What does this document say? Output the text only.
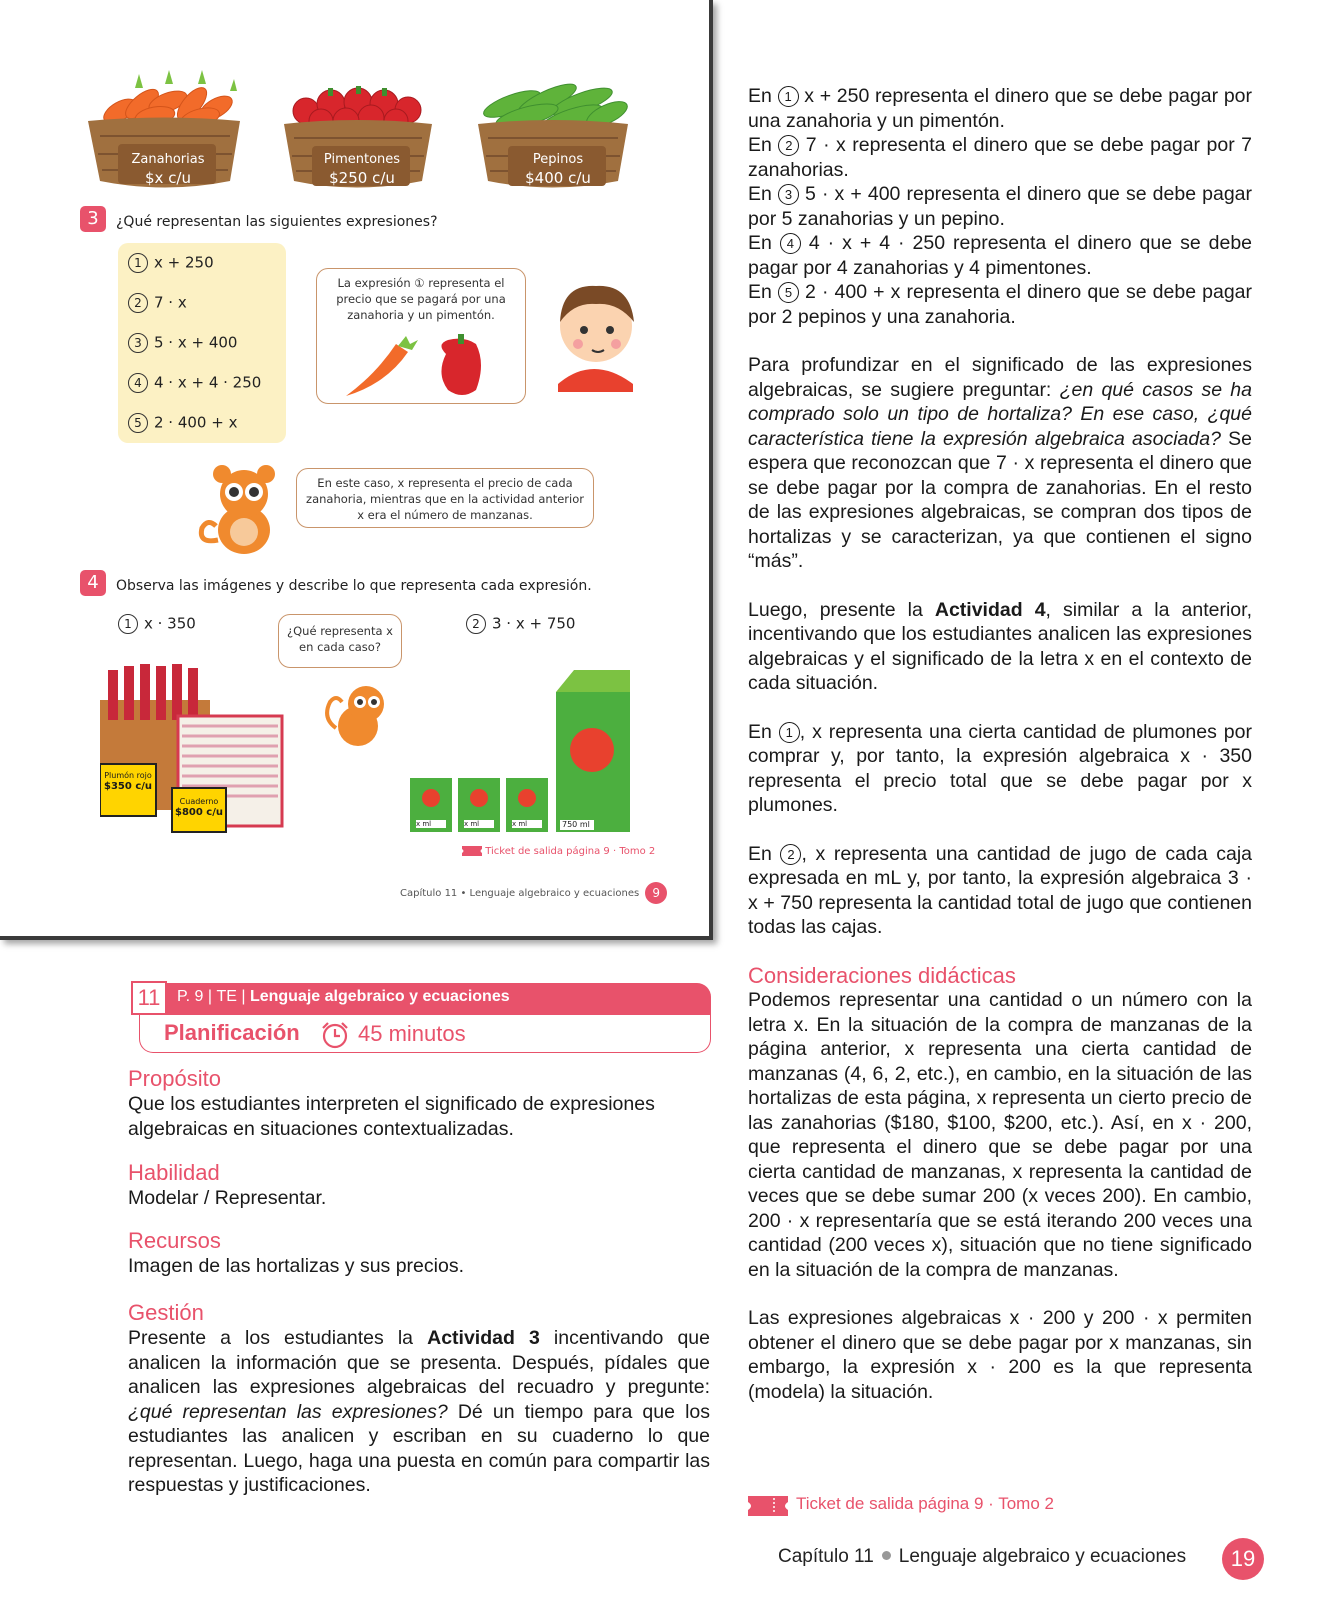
Zanahorias
$x c/u
Pimentones
$250 c/u
Pepinos
$400 c/u
3	¿Qué representan las siguientes expresiones?
1 x + 250
2 7 · x
3 5 · x + 400
4 4 · x + 4 · 250
5 2 · 400 + x
La expresión ① representa el precio que se pagará por una zanahoria y un pimentón.
En este caso, x representa el precio de cada zanahoria, mientras que en la actividad anterior x era el número de manzanas.
4	Observa las imágenes y describe lo que representa cada expresión.
1 x · 350	2 3 · x + 750
¿Qué representa x en cada caso?
Plumón rojo
$350 c/u
Cuaderno
$800 c/u
x ml	x ml	x ml	750 ml
Ticket de salida página 9 · Tomo 2
Capítulo 11 • Lenguaje algebraico y ecuaciones 9
11	P. 9 | TE | Lenguaje algebraico y ecuaciones
Planificación	45 minutos
Propósito
Que los estudiantes interpreten el significado de expresiones algebraicas en situaciones contextualizadas.
Habilidad
Modelar / Representar.
Recursos
Imagen de las hortalizas y sus precios.
Gestión
Presente a los estudiantes la Actividad 3 incentivando que analicen la información que se presenta. Después, pídales que analicen las expresiones algebraicas del recuadro y pregunte: ¿qué representan las expresiones? Dé un tiempo para que los estudiantes las analicen y escriban en su cuaderno lo que representan. Luego, haga una puesta en común para compartir las respuestas y justificaciones.

En 1 x + 250 representa el dinero que se debe pagar por una zanahoria y un pimentón.

En 2 7 · x representa el dinero que se debe pagar por 7 zanahorias.

En 3 5 · x + 400 representa el dinero que se debe pagar por 5 zanahorias y un pepino.

En 4 4 · x + 4 · 250 representa el dinero que se debe pagar por 4 zanahorias y 4 pimentones.

En 5 2 · 400 + x representa el dinero que se debe pagar por 2 pepinos y una zanahoria.

Para profundizar en el significado de las expresiones algebraicas, se sugiere preguntar: ¿en qué casos se ha comprado solo un tipo de hortaliza? En ese caso, ¿qué característica tiene la expresión algebraica asociada? Se espera que reconozcan que 7 · x representa el dinero que se debe pagar por la compra de zanahorias. En el resto de las expresiones algebraicas, se compran dos tipos de hortalizas y se caracterizan, ya que contienen el signo “más”.

Luego, presente la Actividad 4, similar a la anterior, incentivando que los estudiantes analicen las expresiones algebraicas y el significado de la letra x en el contexto de cada situación.

En 1 , x representa una cierta cantidad de plumones por comprar y, por tanto, la expresión algebraica x · 350 representa el precio total que se debe pagar por x plumones.

En 2 , x representa una cantidad de jugo de cada caja expresada en mL y, por tanto, la expresión algebraica 3 · x + 750 representa la cantidad total de jugo que contienen todas las cajas.

Consideraciones didácticas

Podemos representar una cantidad o un número con la letra x. En la situación de la compra de manzanas de la página anterior, x representa una cierta cantidad de manzanas (4, 6, 2, etc.), en cambio, en la situación de las hortalizas de esta página, x representa un cierto precio de las zanahorias ($180, $100, $200, etc.). Así, en x · 200, que representa el dinero que se debe pagar por una cierta cantidad de manzanas, x representa la cantidad de veces que se debe sumar 200 (x veces 200). En cambio, 200 · x representaría que se está iterando 200 veces una cantidad (200 veces x), situación que no tiene significado en la situación de la compra de manzanas.

Las expresiones algebraicas x · 200 y 200 · x permiten obtener el dinero que se debe pagar por x manzanas, sin embargo, la expresión x · 200 es la que representa (modela) la situación.

Ticket de salida página 9 · Tomo 2
Capítulo 11 Lenguaje algebraico y ecuaciones	19
